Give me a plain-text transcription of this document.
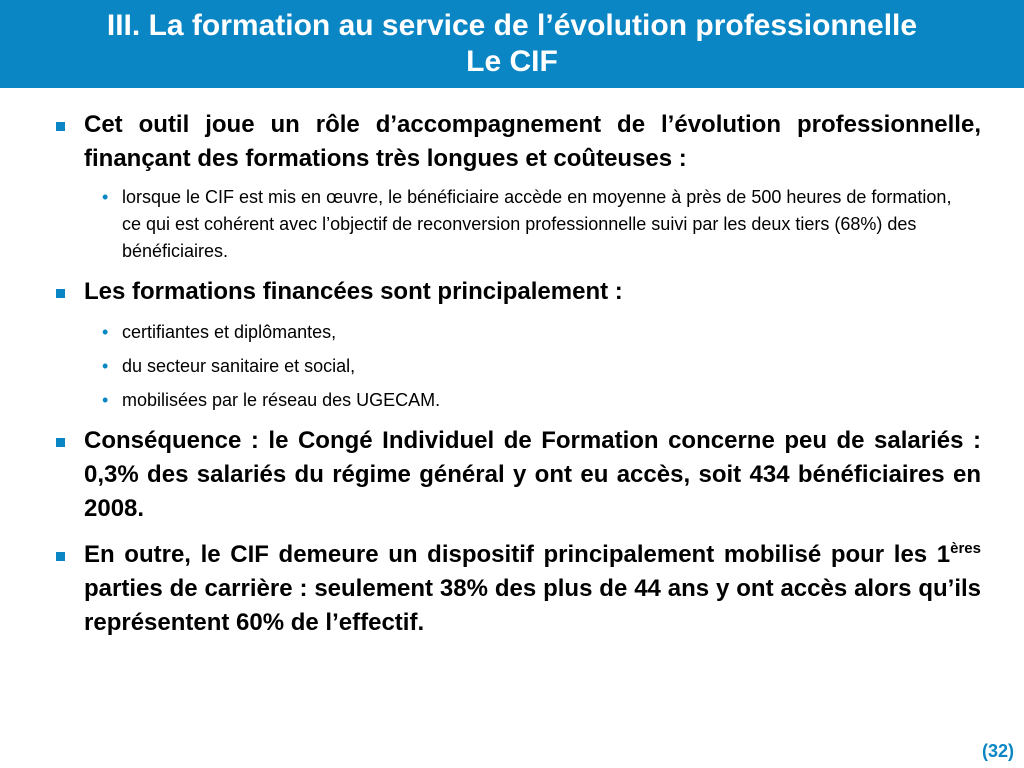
III. La formation au service de l’évolution professionnelle
Le CIF
Cet outil joue un rôle d’accompagnement de l’évolution professionnelle, finançant des formations très longues et coûteuses :
• lorsque le CIF est mis en œuvre, le bénéficiaire accède en moyenne à près de 500 heures de formation, ce qui est cohérent avec l’objectif de reconversion professionnelle suivi par les deux tiers (68%) des bénéficiaires.
Les formations financées sont principalement :
• certifiantes et diplômantes,
• du secteur sanitaire et social,
• mobilisées par le réseau des UGECAM.
Conséquence : le Congé Individuel de Formation concerne peu de salariés : 0,3% des salariés du régime général y ont eu accès, soit 434 bénéficiaires en 2008.
En outre, le CIF demeure un dispositif principalement mobilisé pour les 1ères parties de carrière : seulement 38% des plus de 44 ans y ont accès alors qu’ils représentent 60% de l’effectif.
(32)
